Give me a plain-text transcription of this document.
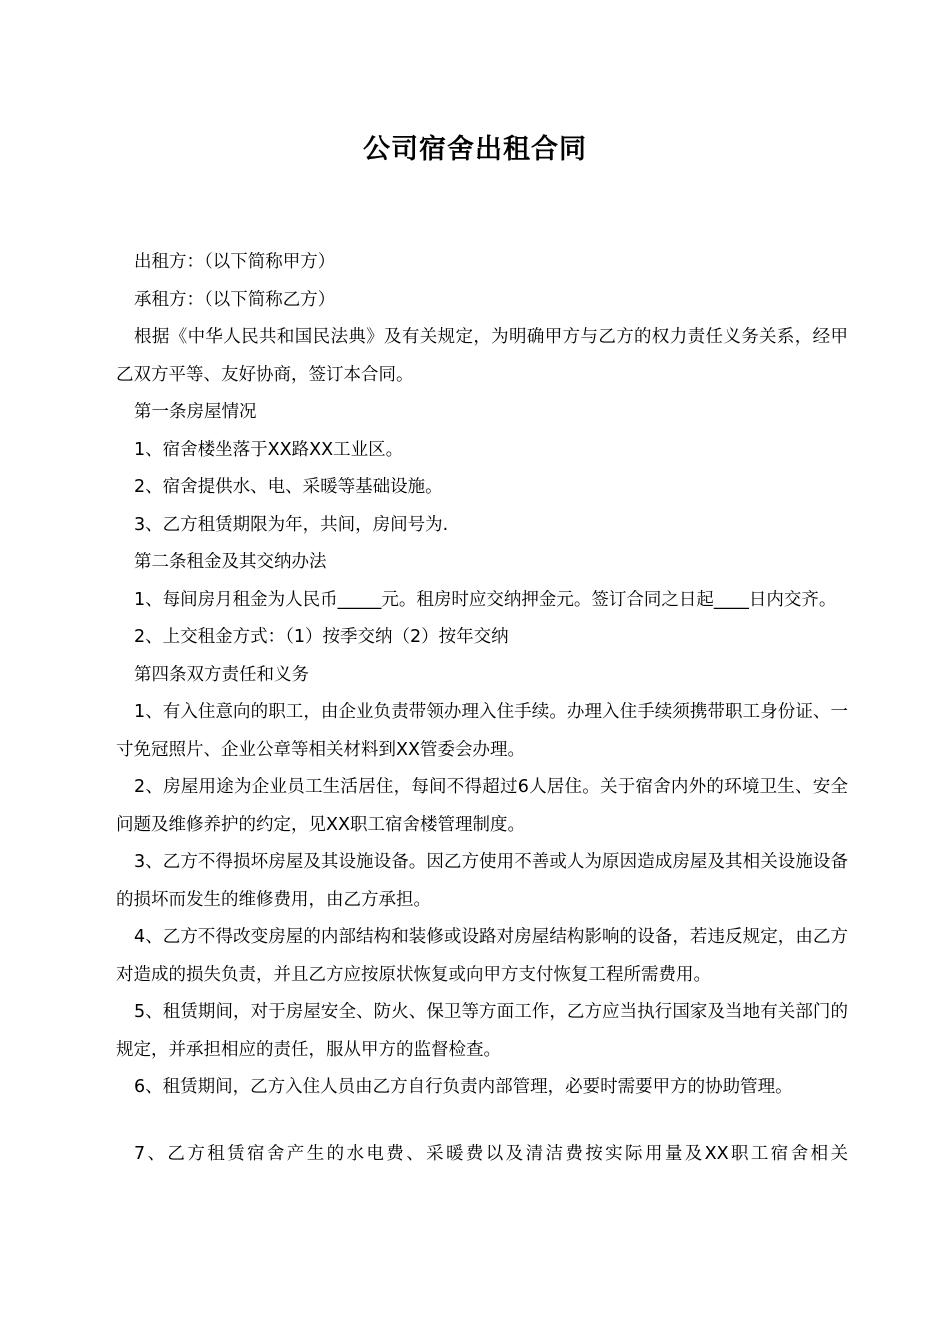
公司宿舍出租合同

出租方：（以下简称甲方）

承租方：（以下简称乙方）

根据《中华人民共和国民法典》及有关规定，为明确甲方与乙方的权力责任义务关系，经甲乙双方平等、友好协商，签订本合同。

第一条房屋情况

1、宿舍楼坐落于XX路XX工业区。

2、宿舍提供水、电、采暖等基础设施。

3、乙方租赁期限为年，共间，房间号为.

第二条租金及其交纳办法

1、每间房月租金为人民币_____元。租房时应交纳押金元。签订合同之日起____日内交齐。

2、上交租金方式：（1）按季交纳（2）按年交纳

第四条双方责任和义务

1、有入住意向的职工，由企业负责带领办理入住手续。办理入住手续须携带职工身份证、一寸免冠照片、企业公章等相关材料到XX管委会办理。

2、房屋用途为企业员工生活居住，每间不得超过6人居住。关于宿舍内外的环境卫生、安全问题及维修养护的约定，见XX职工宿舍楼管理制度。

3、乙方不得损坏房屋及其设施设备。因乙方使用不善或人为原因造成房屋及其相关设施设备的损坏而发生的维修费用，由乙方承担。

4、乙方不得改变房屋的内部结构和装修或设路对房屋结构影响的设备，若违反规定，由乙方对造成的损失负责，并且乙方应按原状恢复或向甲方支付恢复工程所需费用。

5、租赁期间，对于房屋安全、防火、保卫等方面工作，乙方应当执行国家及当地有关部门的规定，并承担相应的责任，服从甲方的监督检查。

6、租赁期间，乙方入住人员由乙方自行负责内部管理，必要时需要甲方的协助管理。

7、乙方租赁宿舍产生的水电费、采暖费以及清洁费按实际用量及XX职工宿舍相关
